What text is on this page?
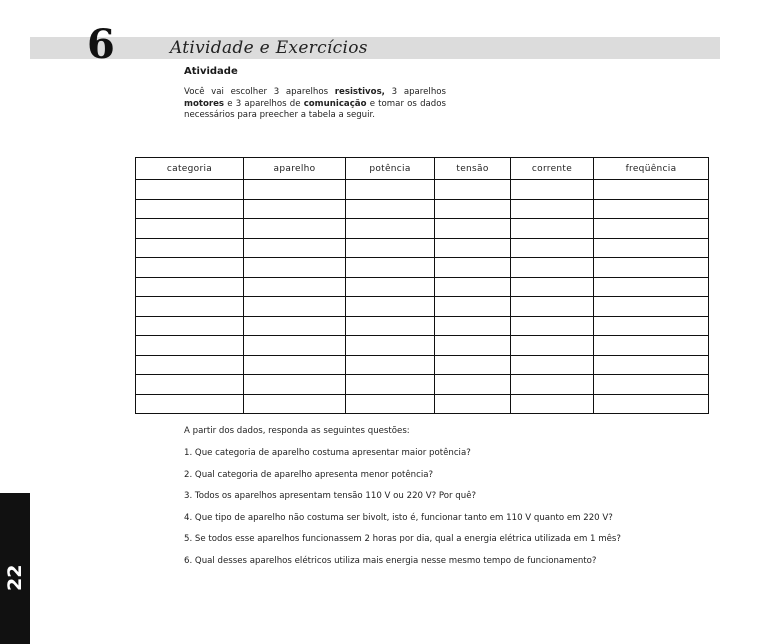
6	Atividade e Exercícios
Atividade
Você vai escolher 3 aparelhos resistivos, 3 aparelhos motores e 3 aparelhos de comunicação e tomar os dados necessários para preecher a tabela a seguir.
categoria	aparelho	potência	tensão	corrente	freqüência

A partir dos dados, responda as seguintes questões:

1. Que categoria de aparelho costuma apresentar maior potência?
2. Qual categoria de aparelho apresenta menor potência?
3. Todos os aparelhos apresentam tensão 110 V ou 220 V? Por quê?
4. Que tipo de aparelho não costuma ser bivolt, isto é, funcionar tanto em 110 V quanto em 220 V?
5. Se todos esse aparelhos funcionassem 2 horas por dia, qual a energia elétrica utilizada em 1 mês?
6. Qual desses aparelhos elétricos utiliza mais energia nesse mesmo tempo de funcionamento?
22
